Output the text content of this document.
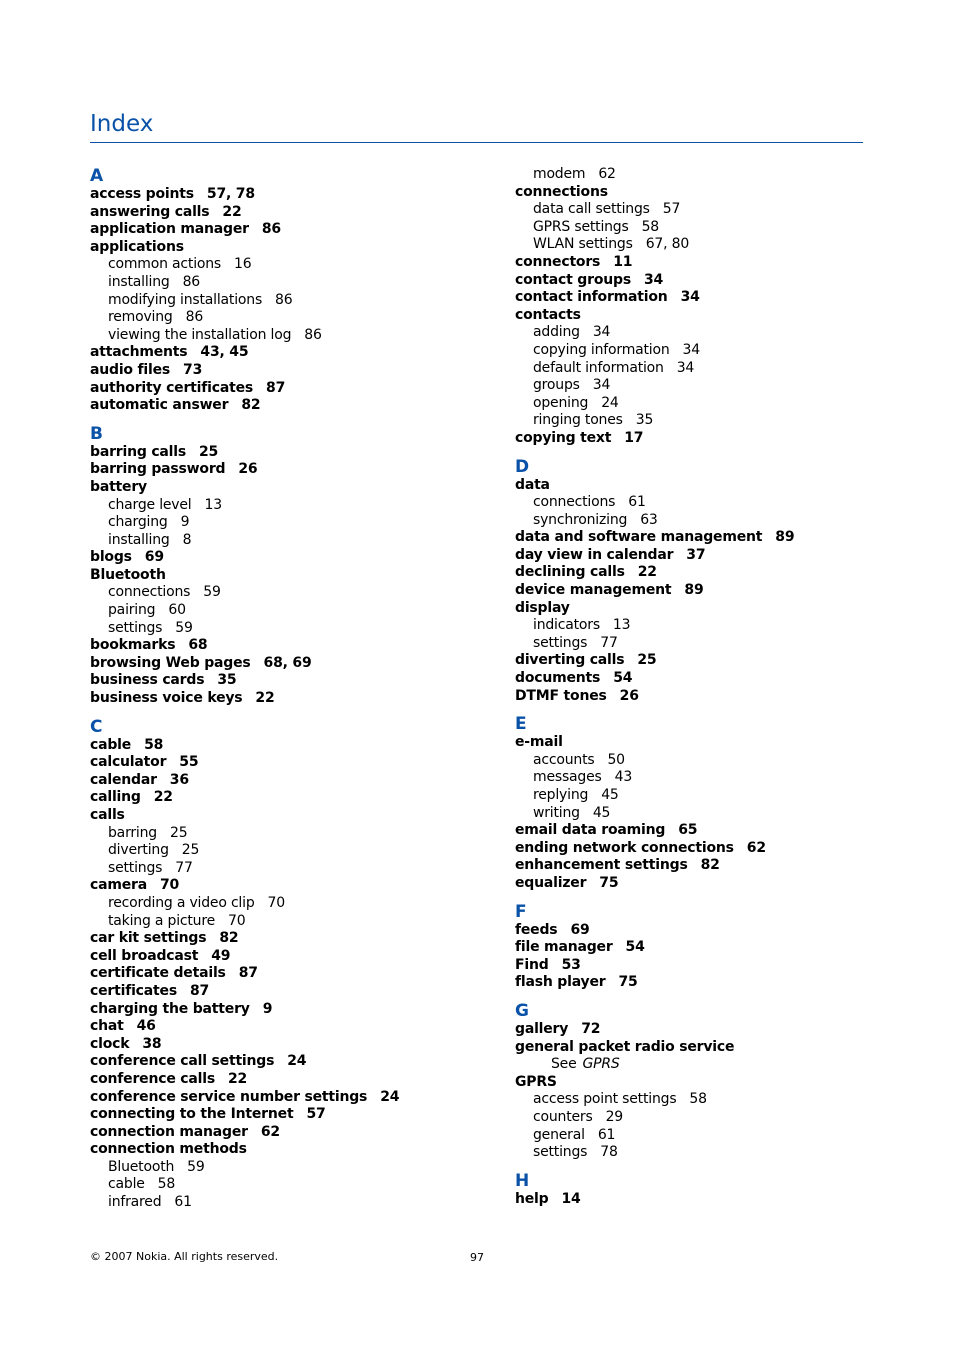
Index
A
access points 57, 78
answering calls 22
application manager 86
applications
common actions 16
installing 86
modifying installations 86
removing 86
viewing the installation log 86
attachments 43, 45
audio files 73
authority certificates 87
automatic answer 82
B
barring calls 25
barring password 26
battery
charge level 13
charging 9
installing 8
blogs 69
Bluetooth
connections 59
pairing 60
settings 59
bookmarks 68
browsing Web pages 68, 69
business cards 35
business voice keys 22
C
cable 58
calculator 55
calendar 36
calling 22
calls
barring 25
diverting 25
settings 77
camera 70
recording a video clip 70
taking a picture 70
car kit settings 82
cell broadcast 49
certificate details 87
certificates 87
charging the battery 9
chat 46
clock 38
conference call settings 24
conference calls 22
conference service number settings 24
connecting to the Internet 57
connection manager 62
connection methods
Bluetooth 59
cable 58
infrared 61
modem 62
connections
data call settings 57
GPRS settings 58
WLAN settings 67, 80
connectors 11
contact groups 34
contact information 34
contacts
adding 34
copying information 34
default information 34
groups 34
opening 24
ringing tones 35
copying text 17
D
data
connections 61
synchronizing 63
data and software management 89
day view in calendar 37
declining calls 22
device management 89
display
indicators 13
settings 77
diverting calls 25
documents 54
DTMF tones 26
E
e-mail
accounts 50
messages 43
replying 45
writing 45
email data roaming 65
ending network connections 62
enhancement settings 82
equalizer 75
F
feeds 69
file manager 54
Find 53
flash player 75
G
gallery 72
general packet radio service
See GPRS
GPRS
access point settings 58
counters 29
general 61
settings 78
H
help 14
© 2007 Nokia. All rights reserved.	97
